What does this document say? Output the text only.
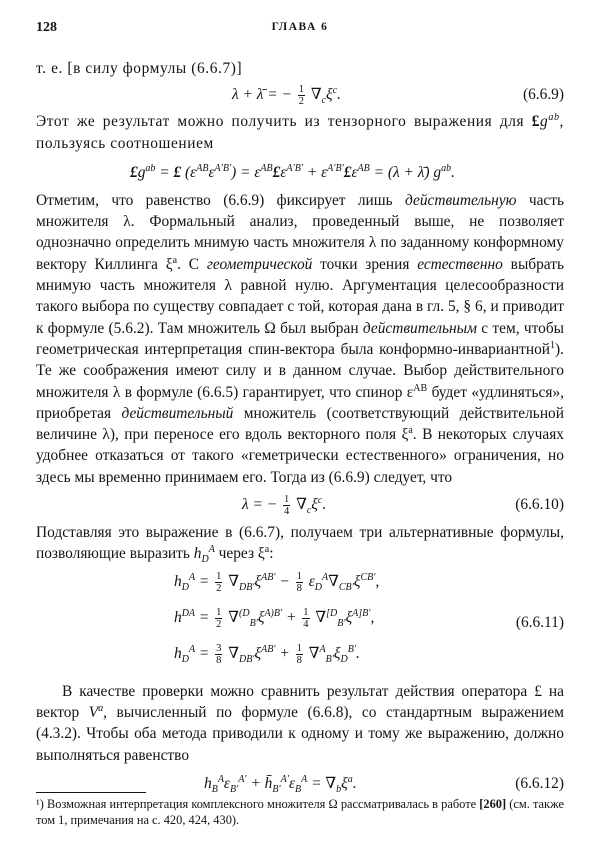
128	ГЛАВА 6

т. е. [в силу формулы (6.6.7)]

λ + λ̄ = − $\frac{1}{2} \nabla_c\xi^c$.	(6.6.9)

Этот же результат можно получить из тензорного выражения для $£g^{ab}$, пользуясь соотношением

$£g^{ab}$ = £ $(\varepsilon^{AB}\varepsilon^{A'B'})$ = $\varepsilon^{AB}£\varepsilon^{A'B'}$ + $\varepsilon^{A'B'}£\varepsilon^{AB} = (\lambda$ + λ̄) $g^{ab}$.

Отметим, что равенство (6.6.9) фиксирует лишь действительную часть множителя λ. Формальный анализ, проведенный выше, не позволяет однозначно определить мнимую часть множителя λ по заданному конформному вектору Киллинга $\xi^a$. С геометрической точки зрения естественно выбрать мнимую часть множителя λ равной нулю. Аргументация целесообразности такого выбора по существу совпадает с той, которая дана в гл. 5, § 6, и приводит к формуле (5.6.2). Там множитель Ω был выбран действительным с тем, чтобы геометрическая интерпретация спин-вектора была конформно-инвариантной$^1$). Те же соображения имеют силу и в данном случае. Выбор действительного множителя λ в формуле (6.6.5) гарантирует, что спинор $\varepsilon^{AB}$ будет «удлиняться», приобретая действительный множитель (соответствующий действительной величине λ), при переносе его вдоль векторного поля $\xi^a$. В некоторых случаях удобнее отказаться от такого «геметрически естественного» ограничения, но здесь мы временно принимаем его. Тогда из (6.6.9) следует, что

λ = − $\frac{1}{4} \nabla_c\xi^c$.	(6.6.10)

Подставляя это выражение в (6.6.7), получаем три альтернативные формулы, позволяющие выразить $h_D^A$ через $\xi^a$:

$h_D^A = \frac{1}{2} \nabla_{DB'}\xi^{AB'} - \frac{1}{8} \varepsilon_D^A\nabla_{CB'}\xi^{CB'}$,
$h^{DA} = \frac{1}{2} \nabla^{(D}_{B'}\xi^{A)B'} + \frac{1}{4} \nabla^{[D}_{B'}\xi^{A]B'}$,
$h_D^A = \frac{3}{8} \nabla_{DB'}\xi^{AB'} + \frac{1}{8} \nabla^A_{B'}\xi_D^{B'}$.
(6.6.11)

В качестве проверки можно сравнить результат действия оператора £ на вектор $V^a$, вычисленный по формуле (6.6.8), со стандартным выражением (4.3.2). Чтобы оба метода приводили к одному и тому же выражению, должно выполняться равенство

$h_B^A\varepsilon_{B'}^{A'}$ + $h̄_{B'}^{A'}\varepsilon_B^A = \nabla_b\xi^a$.	(6.6.12)
¹) Возможная интерпретация комплексного множителя Ω рассматривалась в работе [260] (см. также том 1, примечания на с. 420, 424, 430).
